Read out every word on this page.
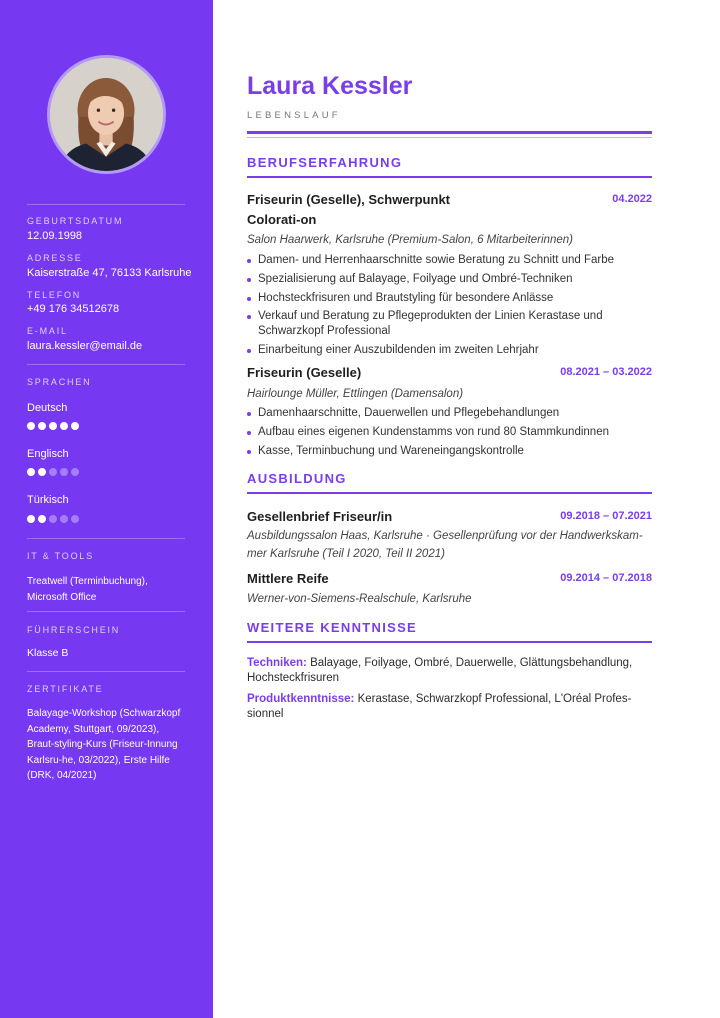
GEBURTSDATUM
12.09.1998
ADRESSE
Kaiserstraße 47, 76133 Karlsruhe
TELEFON
+49 176 34512678
E-MAIL
laura.kessler@email.de
SPRACHEN
Deutsch
Englisch
Türkisch
IT & TOOLS
Treatwell (Terminbuchung), Microsoft Office
FÜHRERSCHEIN
Klasse B
ZERTIFIKATE
Balayage-Workshop (Schwarzkopf Academy, Stuttgart, 09/2023), Braut-styling-Kurs (Friseur-Innung Karlsru-he, 03/2022), Erste Hilfe (DRK, 04/2021)
Laura Kessler
LEBENSLAUF
BERUFSERFAHRUNG
Friseurin (Geselle), Schwerpunkt Colorati-on
04.2022
Salon Haarwerk, Karlsruhe (Premium-Salon, 6 Mitarbeiterinnen)
Damen- und Herrenhaarschnitte sowie Beratung zu Schnitt und Farbe
Spezialisierung auf Balayage, Foilyage und Ombré-Techniken
Hochsteckfrisuren und Brautstyling für besondere Anlässe
Verkauf und Beratung zu Pflegeprodukten der Linien Kerastase und Schwarzkopf Professional
Einarbeitung einer Auszubildenden im zweiten Lehrjahr
Friseurin (Geselle)	08.2021 – 03.2022
Hairlounge Müller, Ettlingen (Damensalon)
Damenhaarschnitte, Dauerwellen und Pflegebehandlungen
Aufbau eines eigenen Kundenstamms von rund 80 Stammkundinnen
Kasse, Terminbuchung und Wareneingangskontrolle
AUSBILDUNG
Gesellenbrief Friseur/in	09.2018 – 07.2021
Ausbildungssalon Haas, Karlsruhe · Gesellenprüfung vor der Handwerkskam-mer Karlsruhe (Teil I 2020, Teil II 2021)
Mittlere Reife	09.2014 – 07.2018
Werner-von-Siemens-Realschule, Karlsruhe
WEITERE KENNTNISSE
Techniken: Balayage, Foilyage, Ombré, Dauerwelle, Glättungsbehandlung, Hochsteckfrisuren
Produktkenntnisse: Kerastase, Schwarzkopf Professional, L'Oréal Profes-sionnel
